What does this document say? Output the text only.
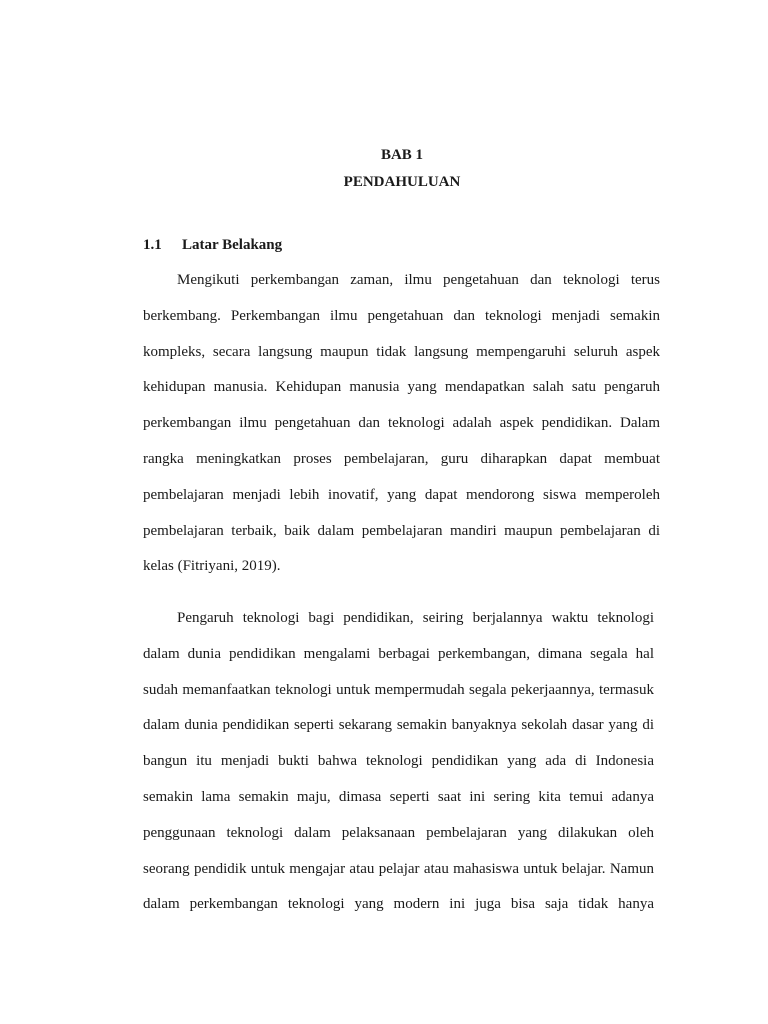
BAB 1
PENDAHULUAN
1.1 Latar Belakang
Mengikuti perkembangan zaman, ilmu pengetahuan dan teknologi terus
berkembang. Perkembangan ilmu pengetahuan dan teknologi menjadi semakin
kompleks, secara langsung maupun tidak langsung mempengaruhi seluruh aspek
kehidupan manusia. Kehidupan manusia yang mendapatkan salah satu pengaruh
perkembangan ilmu pengetahuan dan teknologi adalah aspek pendidikan. Dalam
rangka meningkatkan proses pembelajaran, guru diharapkan dapat membuat
pembelajaran menjadi lebih inovatif, yang dapat mendorong siswa memperoleh
pembelajaran terbaik, baik dalam pembelajaran mandiri maupun pembelajaran di
kelas (Fitriyani, 2019).
Pengaruh teknologi bagi pendidikan, seiring berjalannya waktu teknologi
dalam dunia pendidikan mengalami berbagai perkembangan, dimana segala hal
sudah memanfaatkan teknologi untuk mempermudah segala pekerjaannya, termasuk
dalam dunia pendidikan seperti sekarang semakin banyaknya sekolah dasar yang di
bangun itu menjadi bukti bahwa teknologi pendidikan yang ada di Indonesia
semakin lama semakin maju, dimasa seperti saat ini sering kita temui adanya
penggunaan teknologi dalam pelaksanaan pembelajaran yang dilakukan oleh
seorang pendidik untuk mengajar atau pelajar atau mahasiswa untuk belajar. Namun
dalam perkembangan teknologi yang modern ini juga bisa saja tidak hanya
